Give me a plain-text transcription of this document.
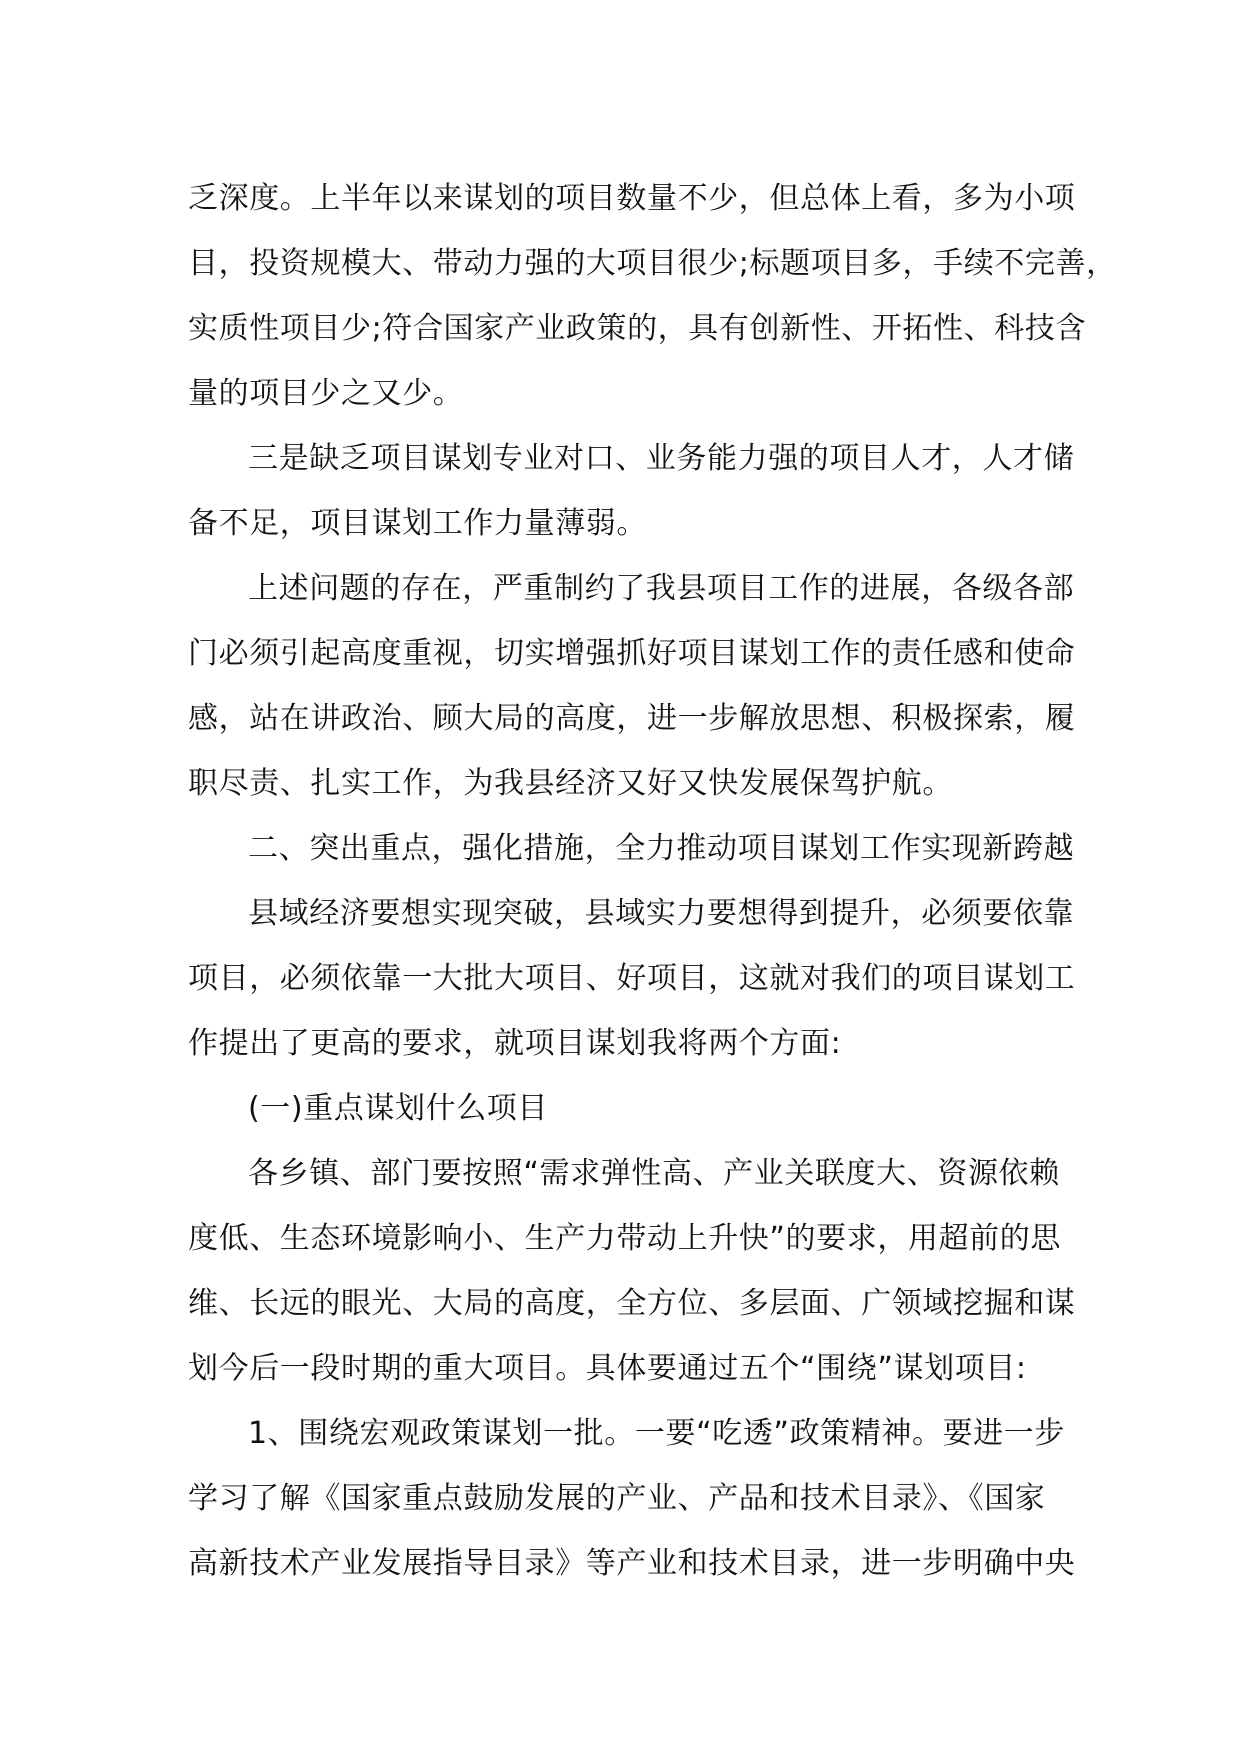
乏深度。上半年以来谋划的项目数量不少，但总体上看，多为小项
目，投资规模大、带动力强的大项目很少;标题项目多，手续不完善，
实质性项目少;符合国家产业政策的，具有创新性、开拓性、科技含
量的项目少之又少。
三是缺乏项目谋划专业对口、业务能力强的项目人才，人才储
备不足，项目谋划工作力量薄弱。
上述问题的存在，严重制约了我县项目工作的进展，各级各部
门必须引起高度重视，切实增强抓好项目谋划工作的责任感和使命
感，站在讲政治、顾大局的高度，进一步解放思想、积极探索，履
职尽责、扎实工作，为我县经济又好又快发展保驾护航。
二、突出重点，强化措施，全力推动项目谋划工作实现新跨越
县域经济要想实现突破，县域实力要想得到提升，必须要依靠
项目，必须依靠一大批大项目、好项目，这就对我们的项目谋划工
作提出了更高的要求，就项目谋划我将两个方面:
(一)重点谋划什么项目
各乡镇、部门要按照“需求弹性高、产业关联度大、资源依赖
度低、生态环境影响小、生产力带动上升快”的要求，用超前的思
维、长远的眼光、大局的高度，全方位、多层面、广领域挖掘和谋
划今后一段时期的重大项目。具体要通过五个“围绕”谋划项目:
1、围绕宏观政策谋划一批。一要“吃透”政策精神。要进一步
学习了解《国家重点鼓励发展的产业、产品和技术目录》、《国家
高新技术产业发展指导目录》等产业和技术目录，进一步明确中央
